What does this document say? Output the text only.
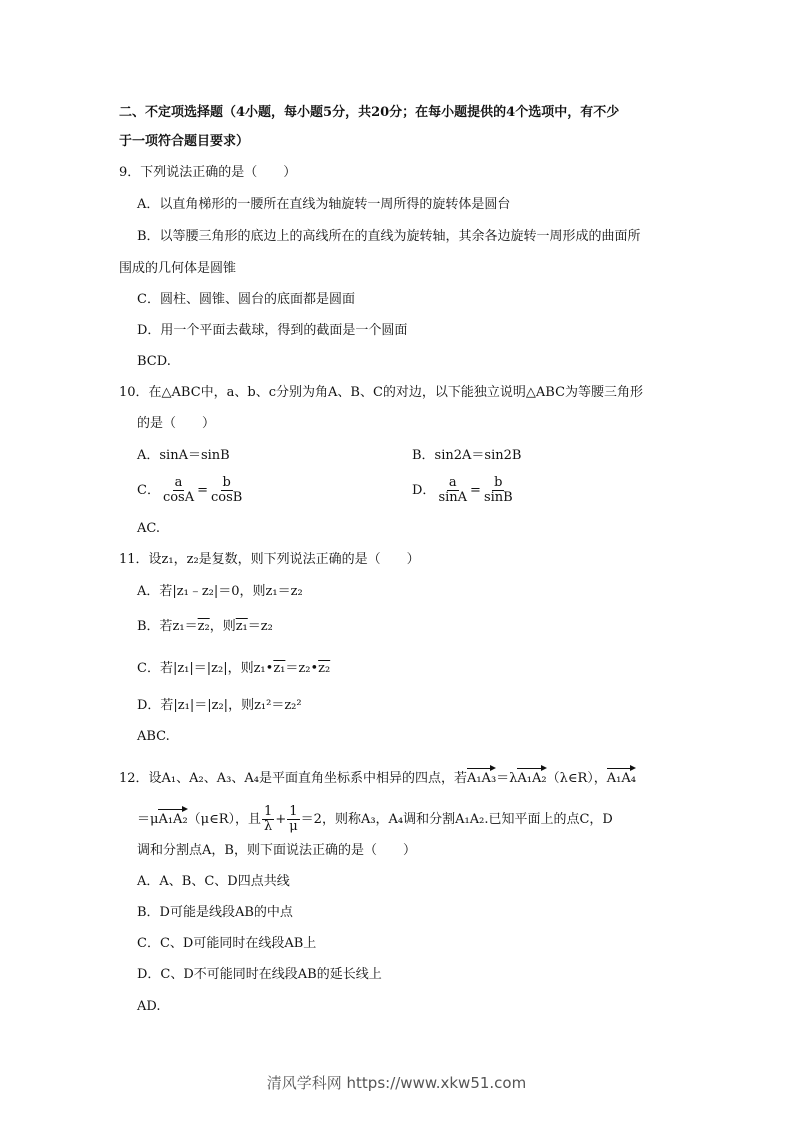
二、不定项选择题（4小题，每小题5分，共20分；在每小题提供的4个选项中，有不少
于一项符合题目要求）
9．下列说法正确的是（　　）
A．以直角梯形的一腰所在直线为轴旋转一周所得的旋转体是圆台
B．以等腰三角形的底边上的高线所在的直线为旋转轴，其余各边旋转一周形成的曲面所
围成的几何体是圆锥
C．圆柱、圆锥、圆台的底面都是圆面
D．用一个平面去截球，得到的截面是一个圆面
BCD.
10．在△ABC中，a、b、c分别为角A、B、C的对边，以下能独立说明△ABC为等腰三角形
的是（　　）
A．sinA＝sinB	B．sin2A＝sin2B
C． $\frac{a}{\cos A} = \frac{b}{\cos B}$	D． $\frac{a}{\sin A} = \frac{b}{\sin B}$
AC.
11．设z₁，z₂是复数，则下列说法正确的是（　　）
A．若|z₁﹣z₂|＝0，则z₁＝z₂
B．若z₁＝z₂，则z₁＝z₂
C．若|z₁|＝|z₂|，则z₁•z₁＝z₂•z₂
D．若|z₁|＝|z₂|，则z₁²＝z₂²
ABC.
12．设A₁、A₂、A₃、A₄是平面直角坐标系中相异的四点，若A₁A₃＝λA₁A₂（λ∈R），A₁A₄
＝μA₁A₂（μ∈R），且 $\frac{1}{\lambda} + \frac{1}{\mu} =2$，则称A₃，A₄调和分割A₁A₂.已知平面上的点C，D
调和分割点A，B，则下面说法正确的是（　　）
A．A、B、C、D四点共线
B．D可能是线段AB的中点
C．C、D可能同时在线段AB上
D．C、D不可能同时在线段AB的延长线上
AD.
清风学科网 https://www.xkw51.com
